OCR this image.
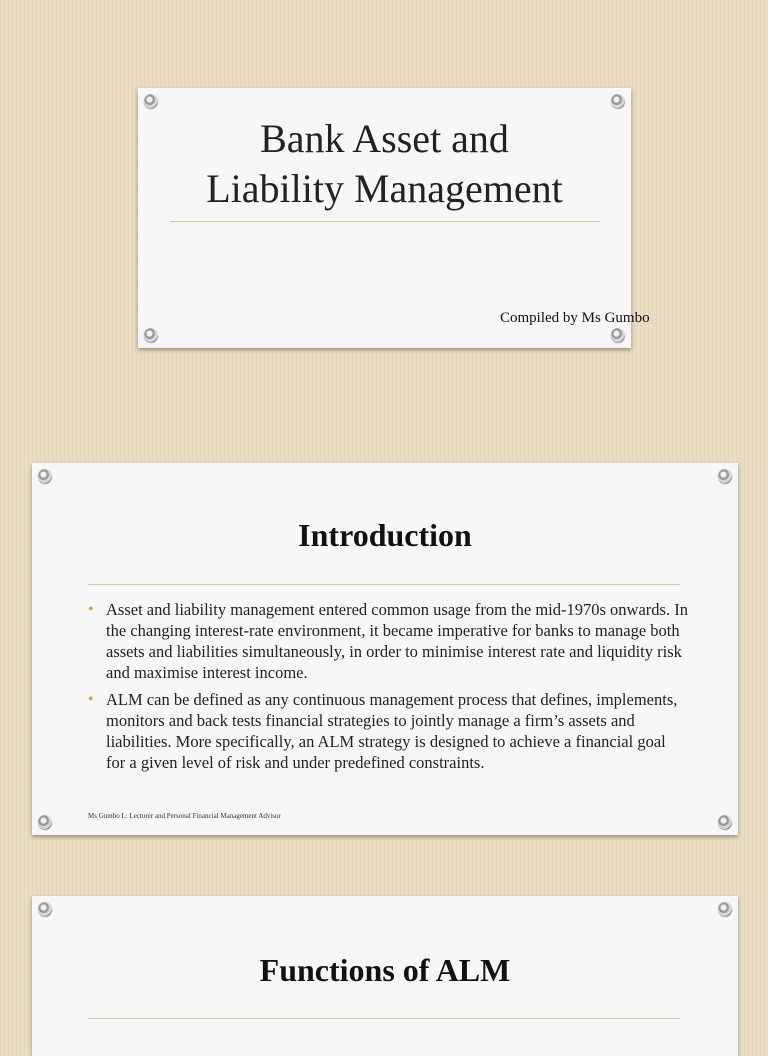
Bank Asset and
Liability Management
Compiled by Ms Gumbo
Introduction
• Asset and liability management entered common usage from the mid-1970s onwards. In the changing interest-rate environment, it became imperative for banks to manage both assets and liabilities simultaneously, in order to minimise interest rate and liquidity risk and maximise interest income.
• ALM can be defined as any continuous management process that defines, implements, monitors and back tests financial strategies to jointly manage a firm’s assets and liabilities. More specifically, an ALM strategy is designed to achieve a financial goal for a given level of risk and under predefined constraints.
Ms Gumbo L: Lecturer and Personal Financial Management Advisor
Functions of ALM
